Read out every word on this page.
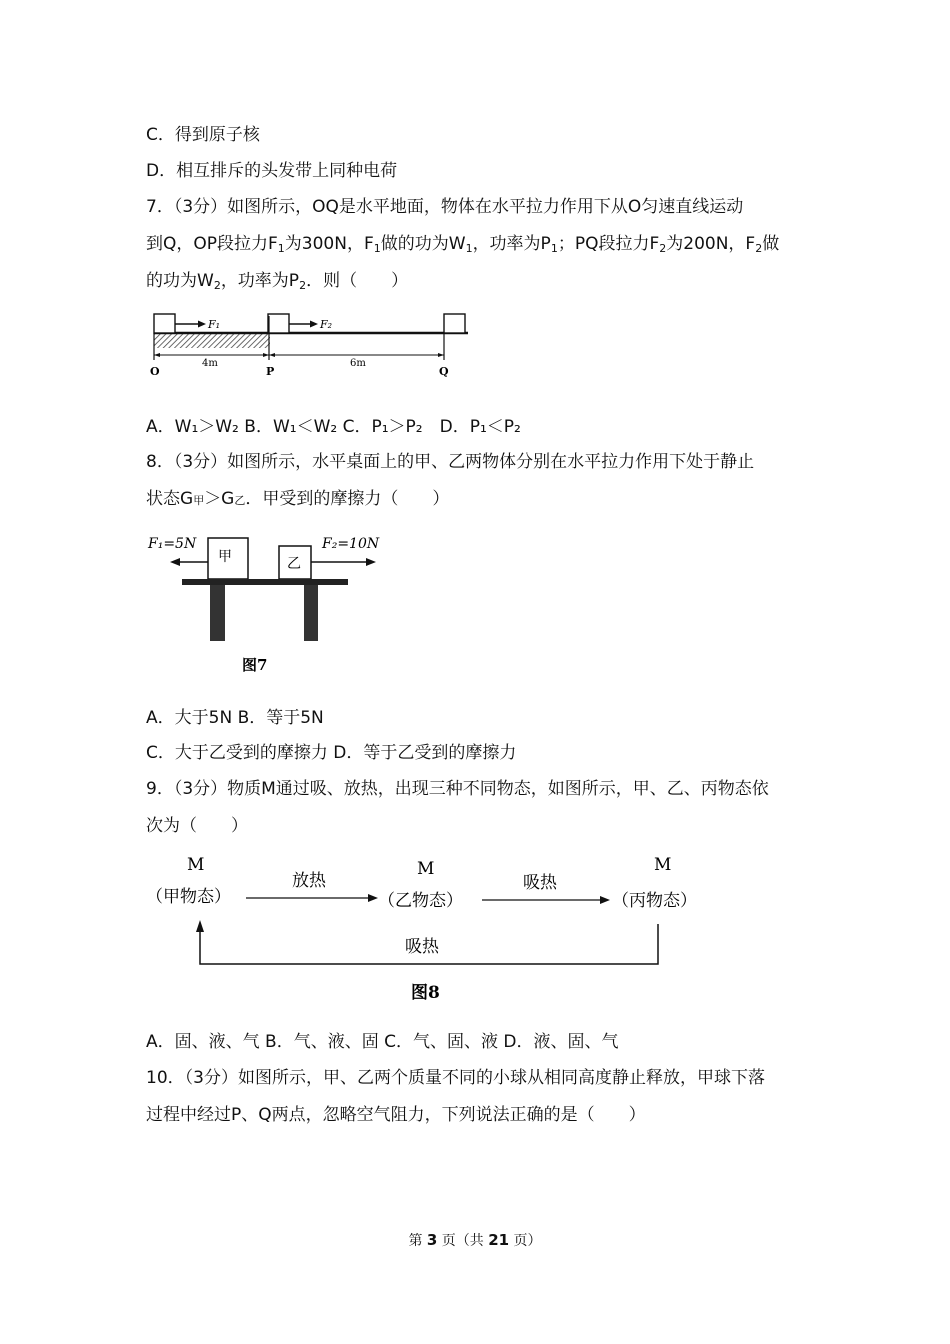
C．得到原子核
D．相互排斥的头发带上同种电荷
7．（3分）如图所示，OQ是水平地面，物体在水平拉力作用下从O匀速直线运动
到Q，OP段拉力$F_1$为300N，$F_1$做的功为$W_1$，功率为$P_1$；PQ段拉力$F_2$为200N，$F_2$做
的功为$W_2$，功率为$P_2$．则（　　）
F₁	F₂
4m	6m
O	P	Q
A．W₁＞W₂ B．W₁＜W₂ C．P₁＞P₂　D．P₁＜P₂
8．（3分）如图所示，水平桌面上的甲、乙两物体分别在水平拉力作用下处于静止
状态G甲＞G乙．甲受到的摩擦力（　　）
F₁=5N
甲	乙
F₂=10N
图7
A．大于5N B．等于5N
C．大于乙受到的摩擦力 D．等于乙受到的摩擦力
9．（3分）物质M通过吸、放热，出现三种不同物态，如图所示，甲、乙、丙物态依
次为（　　）
M
（甲物态）
放热
M
（乙物态）
吸热
M
（丙物态）
吸热
图8
A．固、液、气 B．气、液、固 C．气、固、液 D．液、固、气
10．（3分）如图所示，甲、乙两个质量不同的小球从相同高度静止释放，甲球下落
过程中经过P、Q两点，忽略空气阻力，下列说法正确的是（　　）
第 3 页（共 21 页）
